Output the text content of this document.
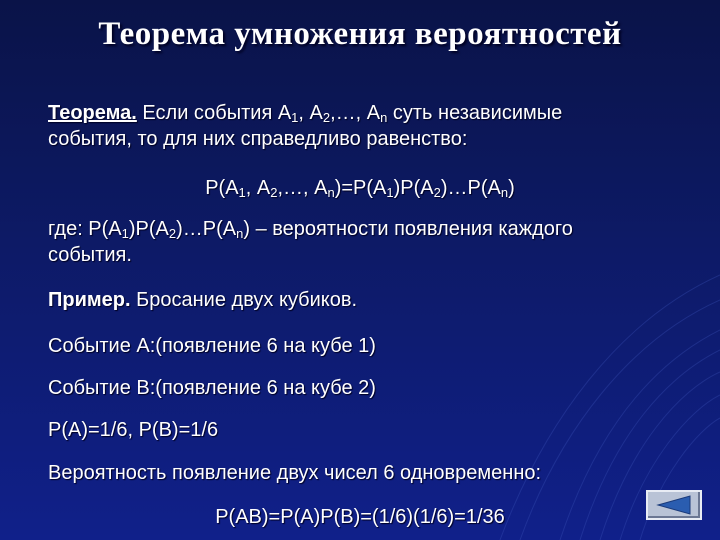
Теорема умножения вероятностей
Теорема. Если события $А_1$, $А_2,\dots$, $А_n$ суть независимые
события, то для них справедливо равенство:
$Р(А_1$, $А_2,\dots$, $А_n)=Р(А_1)Р(А_2)\dots Р(А_n)$
где: $Р(А_1)Р(А_2)\dots Р(А_n)$ – вероятности появления каждого
события.
Пример. Бросание двух кубиков.
Событие А:(появление 6 на кубе 1)
Событие В:(появление 6 на кубе 2)
Р(А)=1/6, Р(В)=1/6
Вероятность появление двух чисел 6 одновременно:
Р(АВ)=Р(А)Р(В)=(1/6)(1/6)=1/36
